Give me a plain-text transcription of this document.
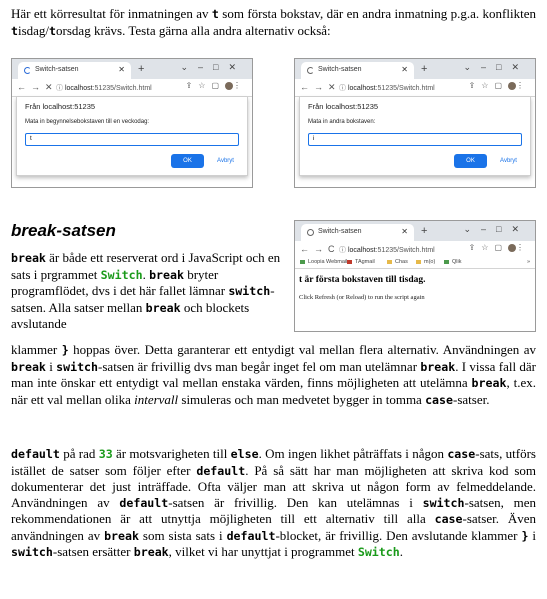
Här ett körresultat för inmatningen av t som första bokstav, där en andra inmatning p.g.a. konflikten tisdag/torsdag krävs. Testa gärna alla andra alternativ också:

Switch-satsen	✕ +	⌄–□✕
←→✕
ⓘ localhost:51235/Switch.html	⇪☆▢ ⋮
Från localhost:51235
Mata in begynnelsebokstaven till en veckodag:
t
OK	Avbryt
Switch-satsen	✕ +	⌄–□✕
←→✕
ⓘ localhost:51235/Switch.html	⇪☆▢ ⋮
Från localhost:51235
Mata in andra bokstaven:
i
OK	Avbryt
break-satsen	Switch-satsen	✕ +	⌄–□✕
←→C ⓘ localhost:51235/Switch.html	⇪☆▢ ⋮
Loopia Webmail	TAgmail	Chas	m(o)	Qlik	»
t är första bokstaven till tisdag.
Click Refresh (or Reload) to run the script again

break är både ett reserverat ord i JavaScript och en sats i prgrammet Switch. break bryter programflödet, dvs i det här fallet lämnar switch-satsen. Alla satser mellan break och blockets avslutande

klammer } hoppas över. Detta garanterar ett entydigt val mellan flera alternativ. Användningen av break i switch-satsen är frivillig dvs man begår inget fel om man utelämnar break. I vissa fall där man inte önskar ett entydigt val mellan enstaka värden, finns möjligheten att utelämna break, t.ex. när ett val mellan olika intervall simuleras och man medvetet bygger in tomma case-satser.

default på rad 33 är motsvarigheten till else. Om ingen likhet påträffats i någon case-sats, utförs istället de satser som följer efter default. På så sätt har man möjligheten att skriva kod som dokumenterar det just inträffade. Ofta väljer man att skriva ut någon form av felmeddelande. Användningen av default-satsen är frivillig. Den kan utelämnas i switch-satsen, men rekommendationen är att utnyttja möjligheten till ett alternativ till alla case-satser. Även användningen av break som sista sats i default-blocket, är frivillig. Den avslutande klammer } i switch-satsen ersätter break, vilket vi har unyttjat i programmet Switch.
